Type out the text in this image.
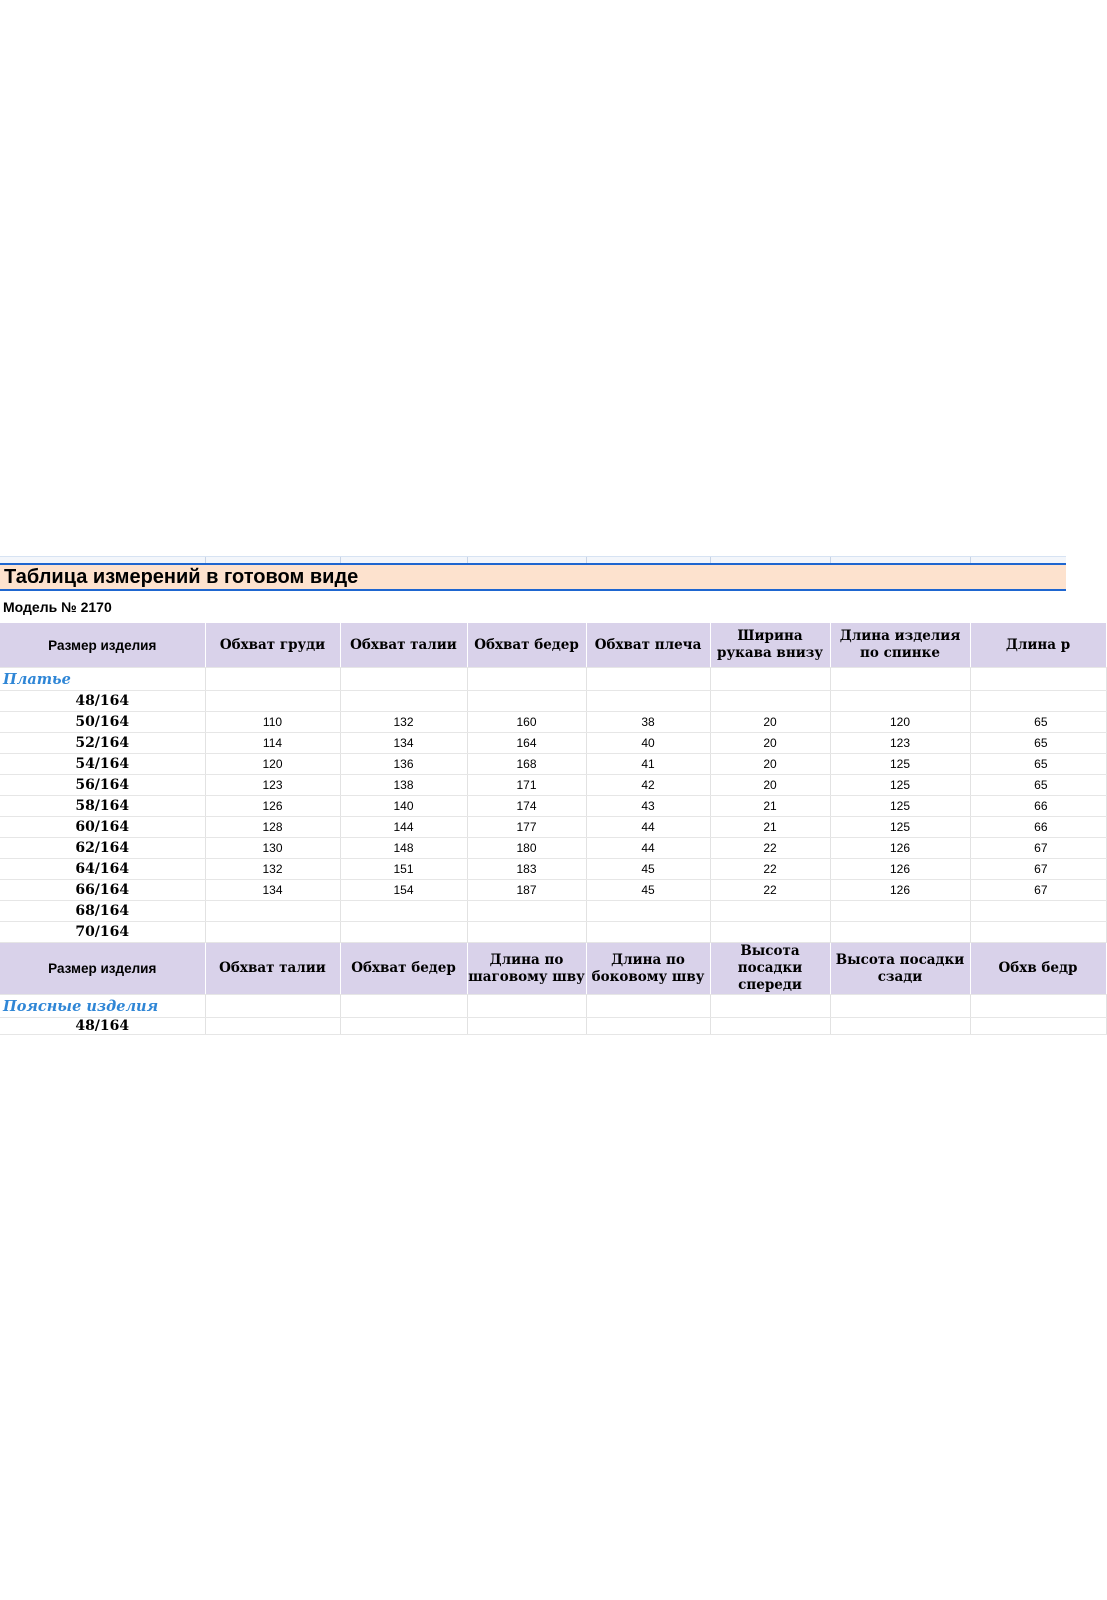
Таблица измерений в готовом виде
Модель № 2170
Размер изделия	Обхват груди	Обхват талии	Обхват бедер	Обхват плеча	Ширина рукава внизу	Длина изделия по спинке	Длина р
Платье							
48/164							
50/164	110	132	160	38	20	120	65
52/164	114	134	164	40	20	123	65
54/164	120	136	168	41	20	125	65
56/164	123	138	171	42	20	125	65
58/164	126	140	174	43	21	125	66
60/164	128	144	177	44	21	125	66
62/164	130	148	180	44	22	126	67
64/164	132	151	183	45	22	126	67
66/164	134	154	187	45	22	126	67
68/164							
70/164							
Размер изделия	Обхват талии	Обхват бедер	Длина по шаговому шву	Длина по боковому шву	Высота посадки спереди	Высота посадки сзади	Обхв бедр
Поясные изделия							
48/164							
